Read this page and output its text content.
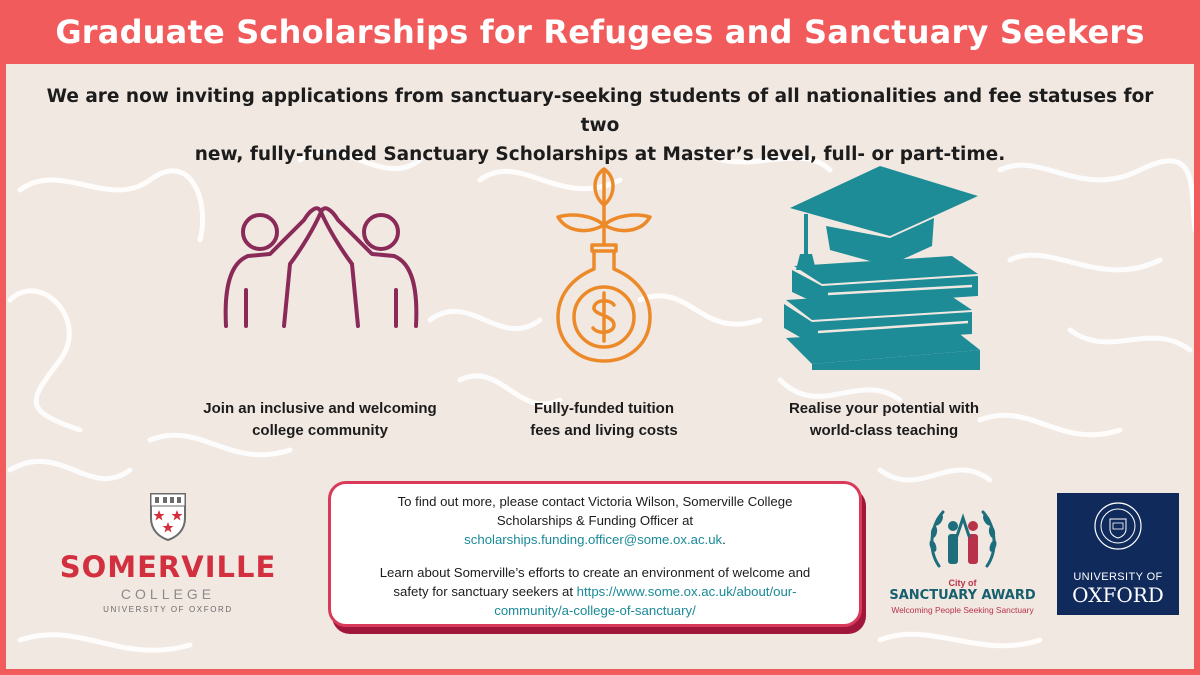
Graduate Scholarships for Refugees and Sanctuary Seekers
We are now inviting applications from sanctuary-seeking students of all nationalities and fee statuses for two
new, fully-funded Sanctuary Scholarships at Master’s level, full- or part-time.
Join an inclusive and welcoming
college community
Fully-funded tuition
fees and living costs
Realise your potential with
world-class teaching
To find out more, please contact Victoria Wilson, Somerville College
Scholarships & Funding Officer at
scholarships.funding.officer@some.ox.ac.uk.
Learn about Somerville’s efforts to create an environment of welcome and
safety for sanctuary seekers at https://www.some.ox.ac.uk/about/our-
community/a-college-of-sanctuary/
SOMERVILLE
COLLEGE
UNIVERSITY OF OXFORD
City of
SANCTUARY AWARD
Welcoming People Seeking Sanctuary
UNIVERSITY OF
OXFORD
